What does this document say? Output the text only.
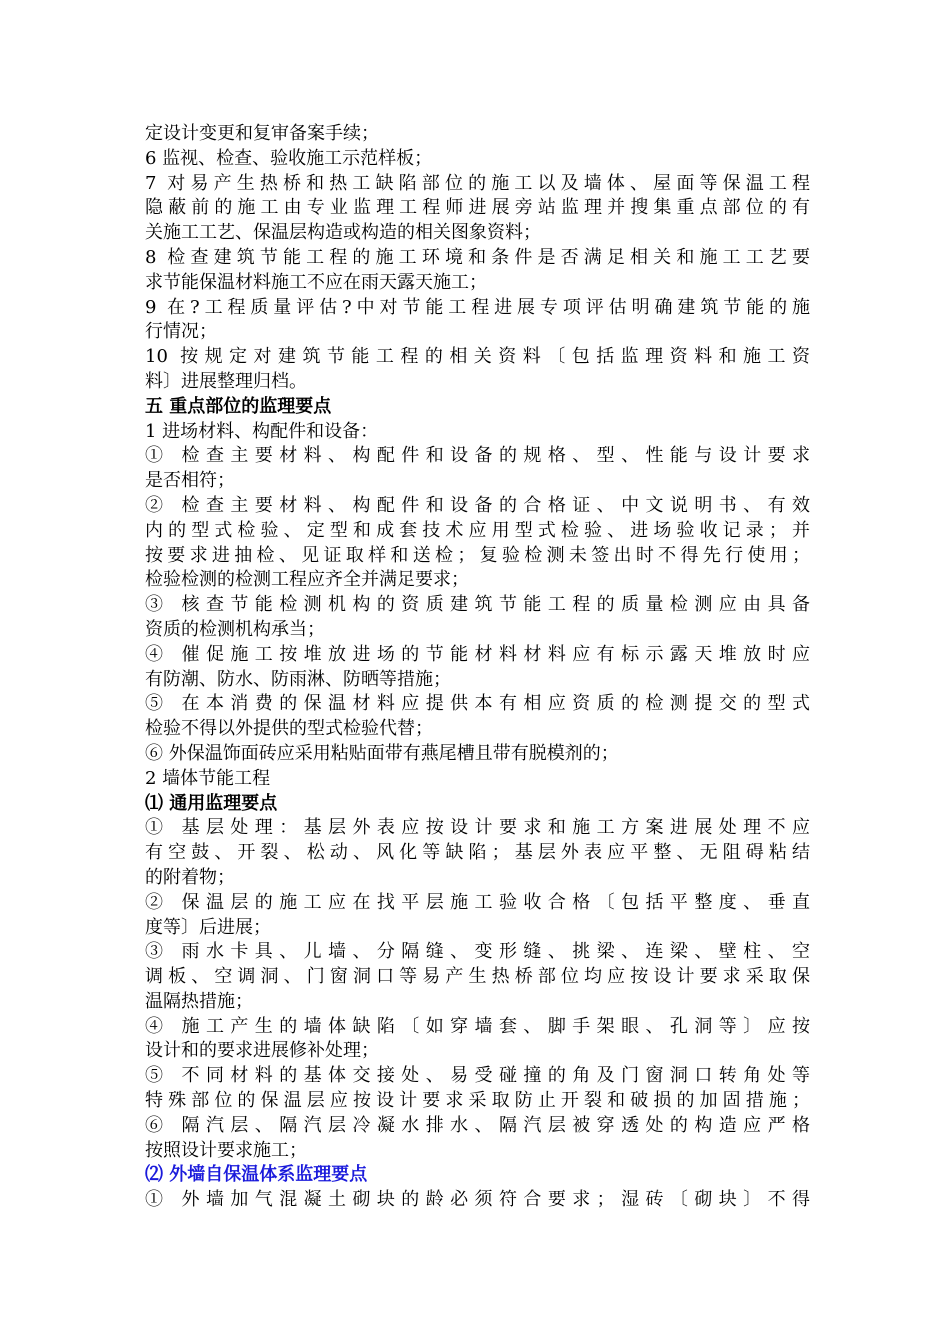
定设计变更和复审备案手续；
6 监视、检查、验收施工示范样板；
7 对易产生热桥和热工缺陷部位的施工以及墙体、屋面等保温工程
隐蔽前的施工由专业监理工程师进展旁站监理并搜集重点部位的有
关施工工艺、保温层构造或构造的相关图象资料；
8 检查建筑节能工程的施工环境和条件是否满足相关和施工工艺要
求节能保温材料施工不应在雨天露天施工；
9 在?工程质量评估?中对节能工程进展专项评估明确建筑节能的施
行情况；
10 按规定对建筑节能工程的相关资料〔包括监理资料和施工资
料〕进展整理归档。
五 重点部位的监理要点
1 进场材料、构配件和设备：
① 检查主要材料、构配件和设备的规格、型、性能与设计要求
是否相符；
② 检查主要材料、构配件和设备的合格证、中文说明书、有效
内的型式检验、定型和成套技术应用型式检验、进场验收记录；并
按要求进抽检、见证取样和送检；复验检测未签出时不得先行使用；
检验检测的检测工程应齐全并满足要求；
③ 核查节能检测机构的资质建筑节能工程的质量检测应由具备
资质的检测机构承当；
④ 催促施工按堆放进场的节能材料材料应有标示露天堆放时应
有防潮、防水、防雨淋、防晒等措施；
⑤ 在本消费的保温材料应提供本有相应资质的检测提交的型式
检验不得以外提供的型式检验代替；
⑥ 外保温饰面砖应采用粘贴面带有燕尾槽且带有脱模剂的；
2 墙体节能工程
⑴ 通用监理要点
① 基层处理：基层外表应按设计要求和施工方案进展处理不应
有空鼓、开裂、松动、风化等缺陷；基层外表应平整、无阻碍粘结
的附着物；
② 保温层的施工应在找平层施工验收合格〔包括平整度、垂直
度等〕后进展；
③ 雨水卡具、儿墙、分隔缝、变形缝、挑梁、连梁、壁柱、空
调板、空调洞、门窗洞口等易产生热桥部位均应按设计要求采取保
温隔热措施；
④ 施工产生的墙体缺陷〔如穿墙套、脚手架眼、孔洞等〕应按
设计和的要求进展修补处理；
⑤ 不同材料的基体交接处、易受碰撞的角及门窗洞口转角处等
特殊部位的保温层应按设计要求采取防止开裂和破损的加固措施；
⑥ 隔汽层、隔汽层冷凝水排水、隔汽层被穿透处的构造应严格
按照设计要求施工；
⑵ 外墙自保温体系监理要点
① 外墙加气混凝土砌块的龄必须符合要求；湿砖〔砌块〕不得
